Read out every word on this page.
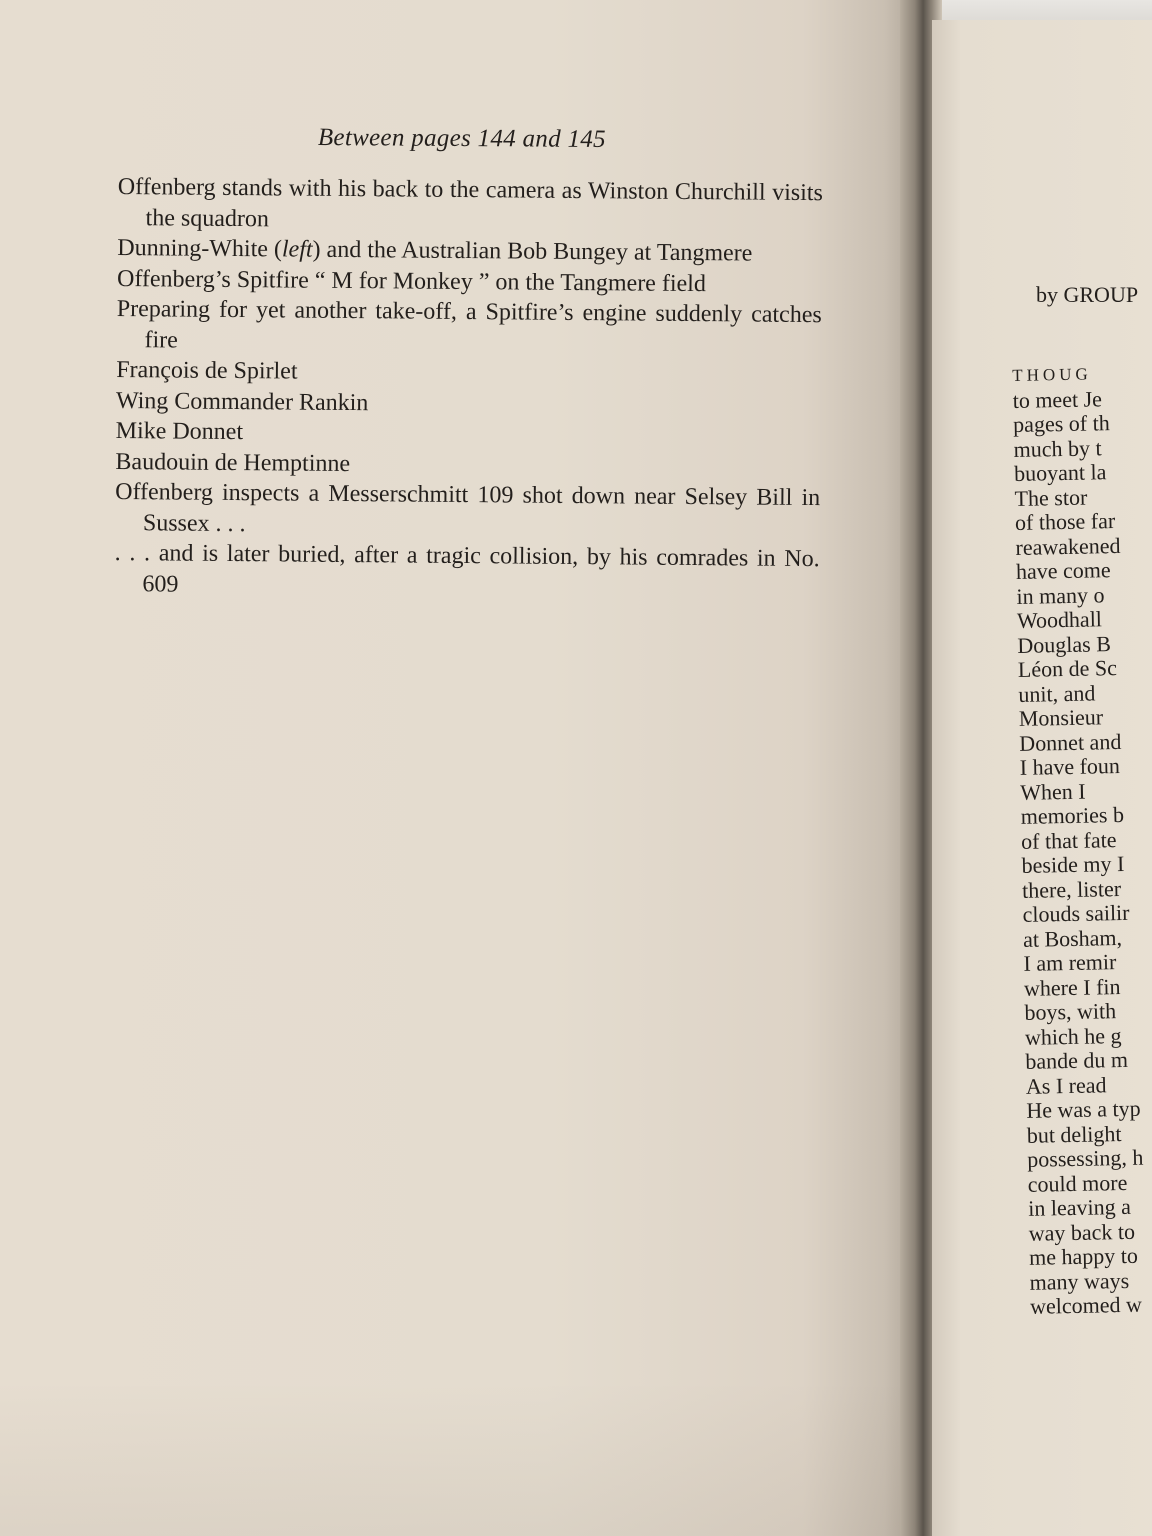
Between pages 144 and 145

Offenberg stands with his back to the camera as Winston Churchill visits the squadron

Dunning-White (left) and the Australian Bob Bungey at Tangmere

Offenberg’s Spitfire “ M for Monkey ” on the Tangmere field

Preparing for yet another take-off, a Spitfire’s engine suddenly catches fire

François de Spirlet

Wing Commander Rankin

Mike Donnet

Baudouin de Hemptinne

Offenberg inspects a Messerschmitt 109 shot down near Selsey Bill in Sussex . . .

. . . and is later buried, after a tragic collision, by his comrades in No. 609

by GROUP
THOUG
to meet Je
pages of th
much by t
buoyant la
The stor
of those far
reawakened
have come
in many o
Woodhall
Douglas B
Léon de Sc
unit, and
Monsieur
Donnet and
I have foun
When I
memories b
of that fate
beside my I
there, lister
clouds sailir
at Bosham,
I am remir
where I fin
boys, with
which he g
bande du m
As I read
He was a typ
but delight
possessing, h
could more
in leaving a
way back to
me happy to
many ways
welcomed w
